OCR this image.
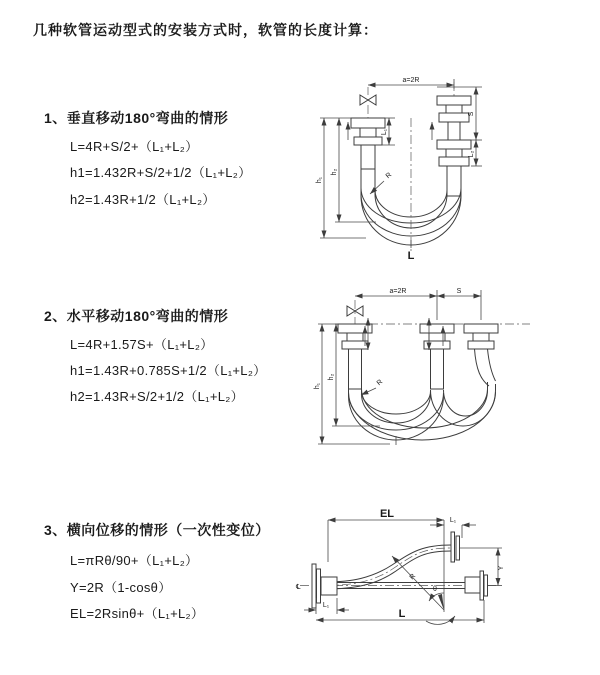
几种软管运动型式的安装方式时，软管的长度计算：
1、垂直移动180°弯曲的情形
L=4R+S/2+（L₁+L₂）
h1=1.432R+S/2+1/2（L₁+L₂）
h2=1.43R+1/2（L₁+L₂）
2、水平移动180°弯曲的情形
L=4R+1.57S+（L₁+L₂）
h1=1.43R+0.785S+1/2（L₁+L₂）
h2=1.43R+S/2+1/2（L₁+L₂）
3、横向位移的情形（一次性变位）
L=πRθ/90+（L₁+L₂）
Y=2R（1-cosθ）
EL=2Rsinθ+（L₁+L₂）
a=2R
h₁
h₂
L₁
S
L₂
R
L
a=2R	S
h₁
h₂
R
EL
L₁
℄
L₁
L
Y
R
θ
